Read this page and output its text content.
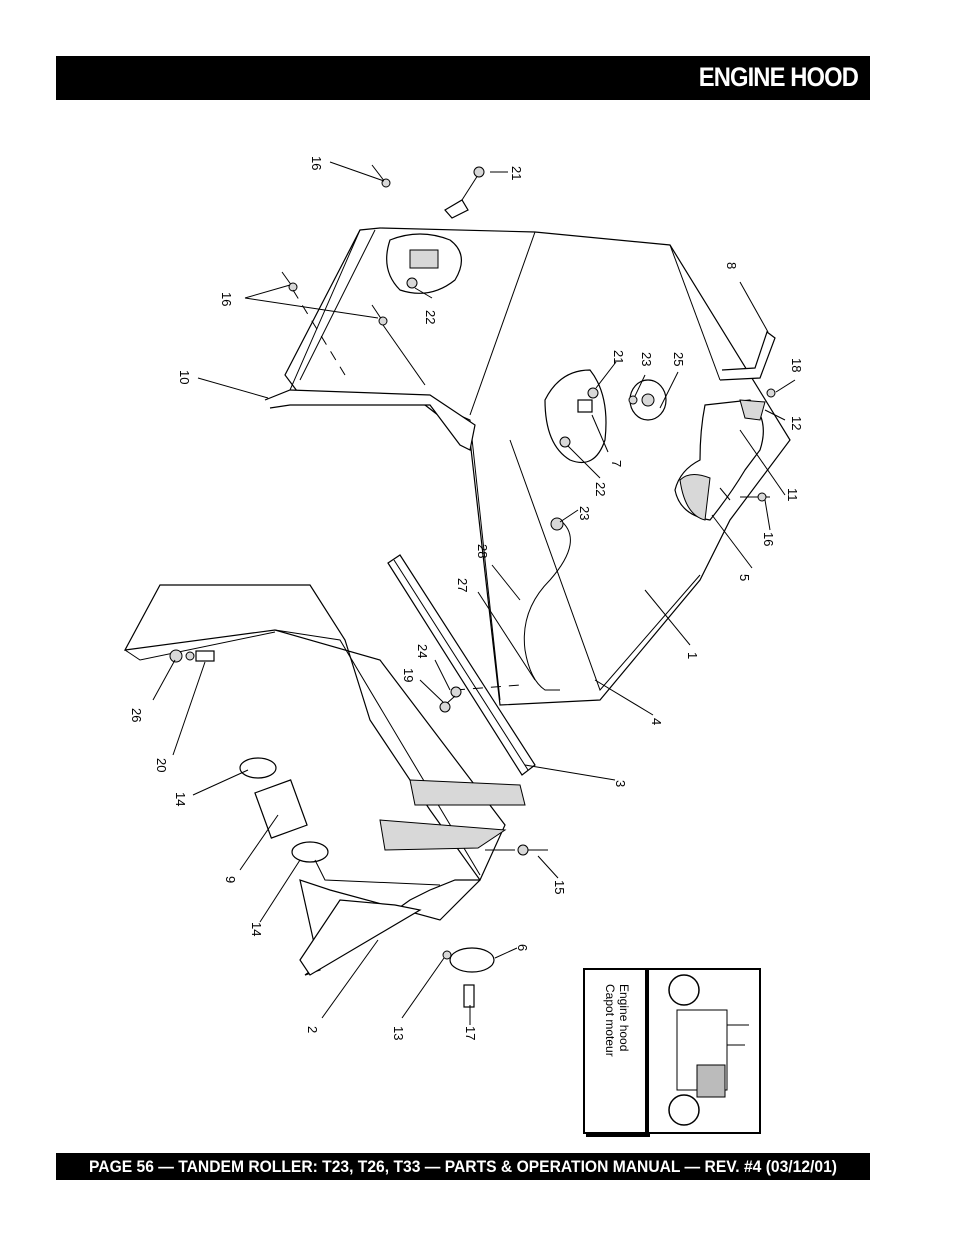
ENGINE HOOD
16
21
16
22
10
8
21 23 25	18
12
7
22	11
23
16
28
5
27
1
24
19
4
26
20
3
14
15
9
14
6
2	13	17	Engine hood
Capot moteur
PAGE 56 — TANDEM ROLLER: T23, T26, T33 — PARTS & OPERATION MANUAL — REV. #4 (03/12/01)
